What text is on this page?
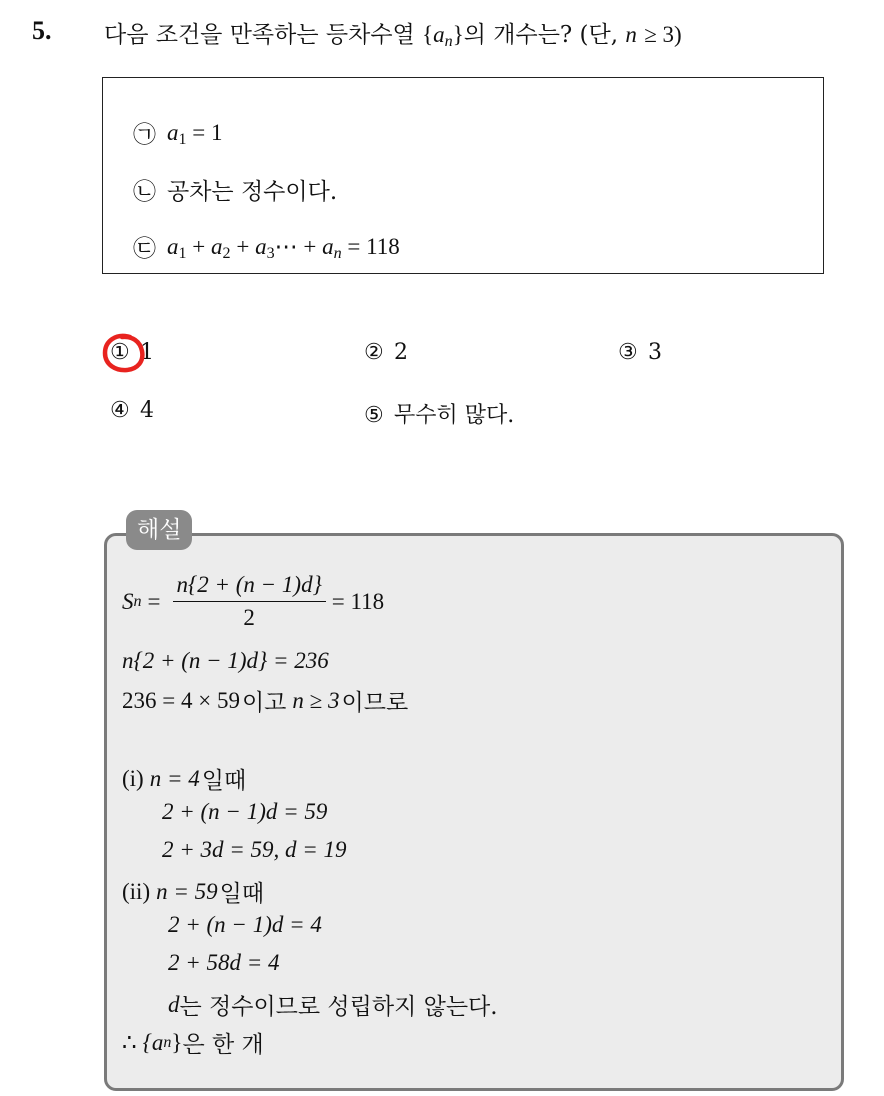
5. 다음 조건을 만족하는 등차수열 $\{a_n\}$의 개수는? (단, n ≥ 3)
㉠ $a_1 = 1$
㉡ 공차는 정수이다.
㉢ $a_1 + a_2$ + $a_3\cdots + a_n = 118$
① 1	② 2	③ 3
④ 4	⑤ 무수히 많다.
해설
S $n = \frac{n\{2 + (n - 1)d\}}{2} = 118$
n{2 + (n − 1)d} = 236
236 = 4 × 59 이고 n ≥ 3 이므로
(i) n = 4 일때
2 + (n − 1)d = 59
2 + 3d = 59, d = 19
(ii) n = 59 일때
2 + (n − 1)d = 4
2 + 58d = 4
d 는 정수이므로 성립하지 않는다.
∴ {a n } 은 한 개
